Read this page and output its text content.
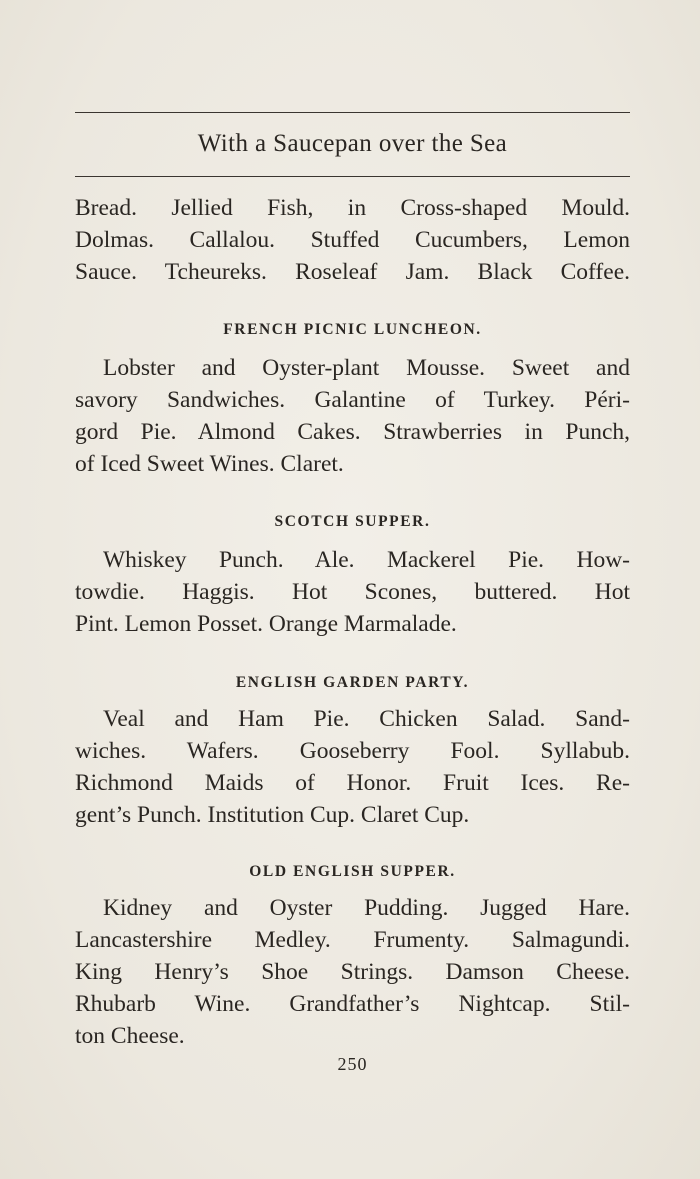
With a Saucepan over the Sea
Bread. Jellied Fish, in Cross-shaped Mould.
Dolmas. Callalou. Stuffed Cucumbers, Lemon
Sauce. Tcheureks. Roseleaf Jam. Black Coffee.
FRENCH PICNIC LUNCHEON.
Lobster and Oyster-plant Mousse. Sweet and
savory Sandwiches. Galantine of Turkey. Péri-
gord Pie. Almond Cakes. Strawberries in Punch,
of Iced Sweet Wines. Claret.
SCOTCH SUPPER.
Whiskey Punch. Ale. Mackerel Pie. How-
towdie. Haggis. Hot Scones, buttered. Hot
Pint. Lemon Posset. Orange Marmalade.
ENGLISH GARDEN PARTY.
Veal and Ham Pie. Chicken Salad. Sand-
wiches. Wafers. Gooseberry Fool. Syllabub.
Richmond Maids of Honor. Fruit Ices. Re-
gent’s Punch. Institution Cup. Claret Cup.
OLD ENGLISH SUPPER.
Kidney and Oyster Pudding. Jugged Hare.
Lancastershire Medley. Frumenty. Salmagundi.
King Henry’s Shoe Strings. Damson Cheese.
Rhubarb Wine. Grandfather’s Nightcap. Stil-
ton Cheese.
250
